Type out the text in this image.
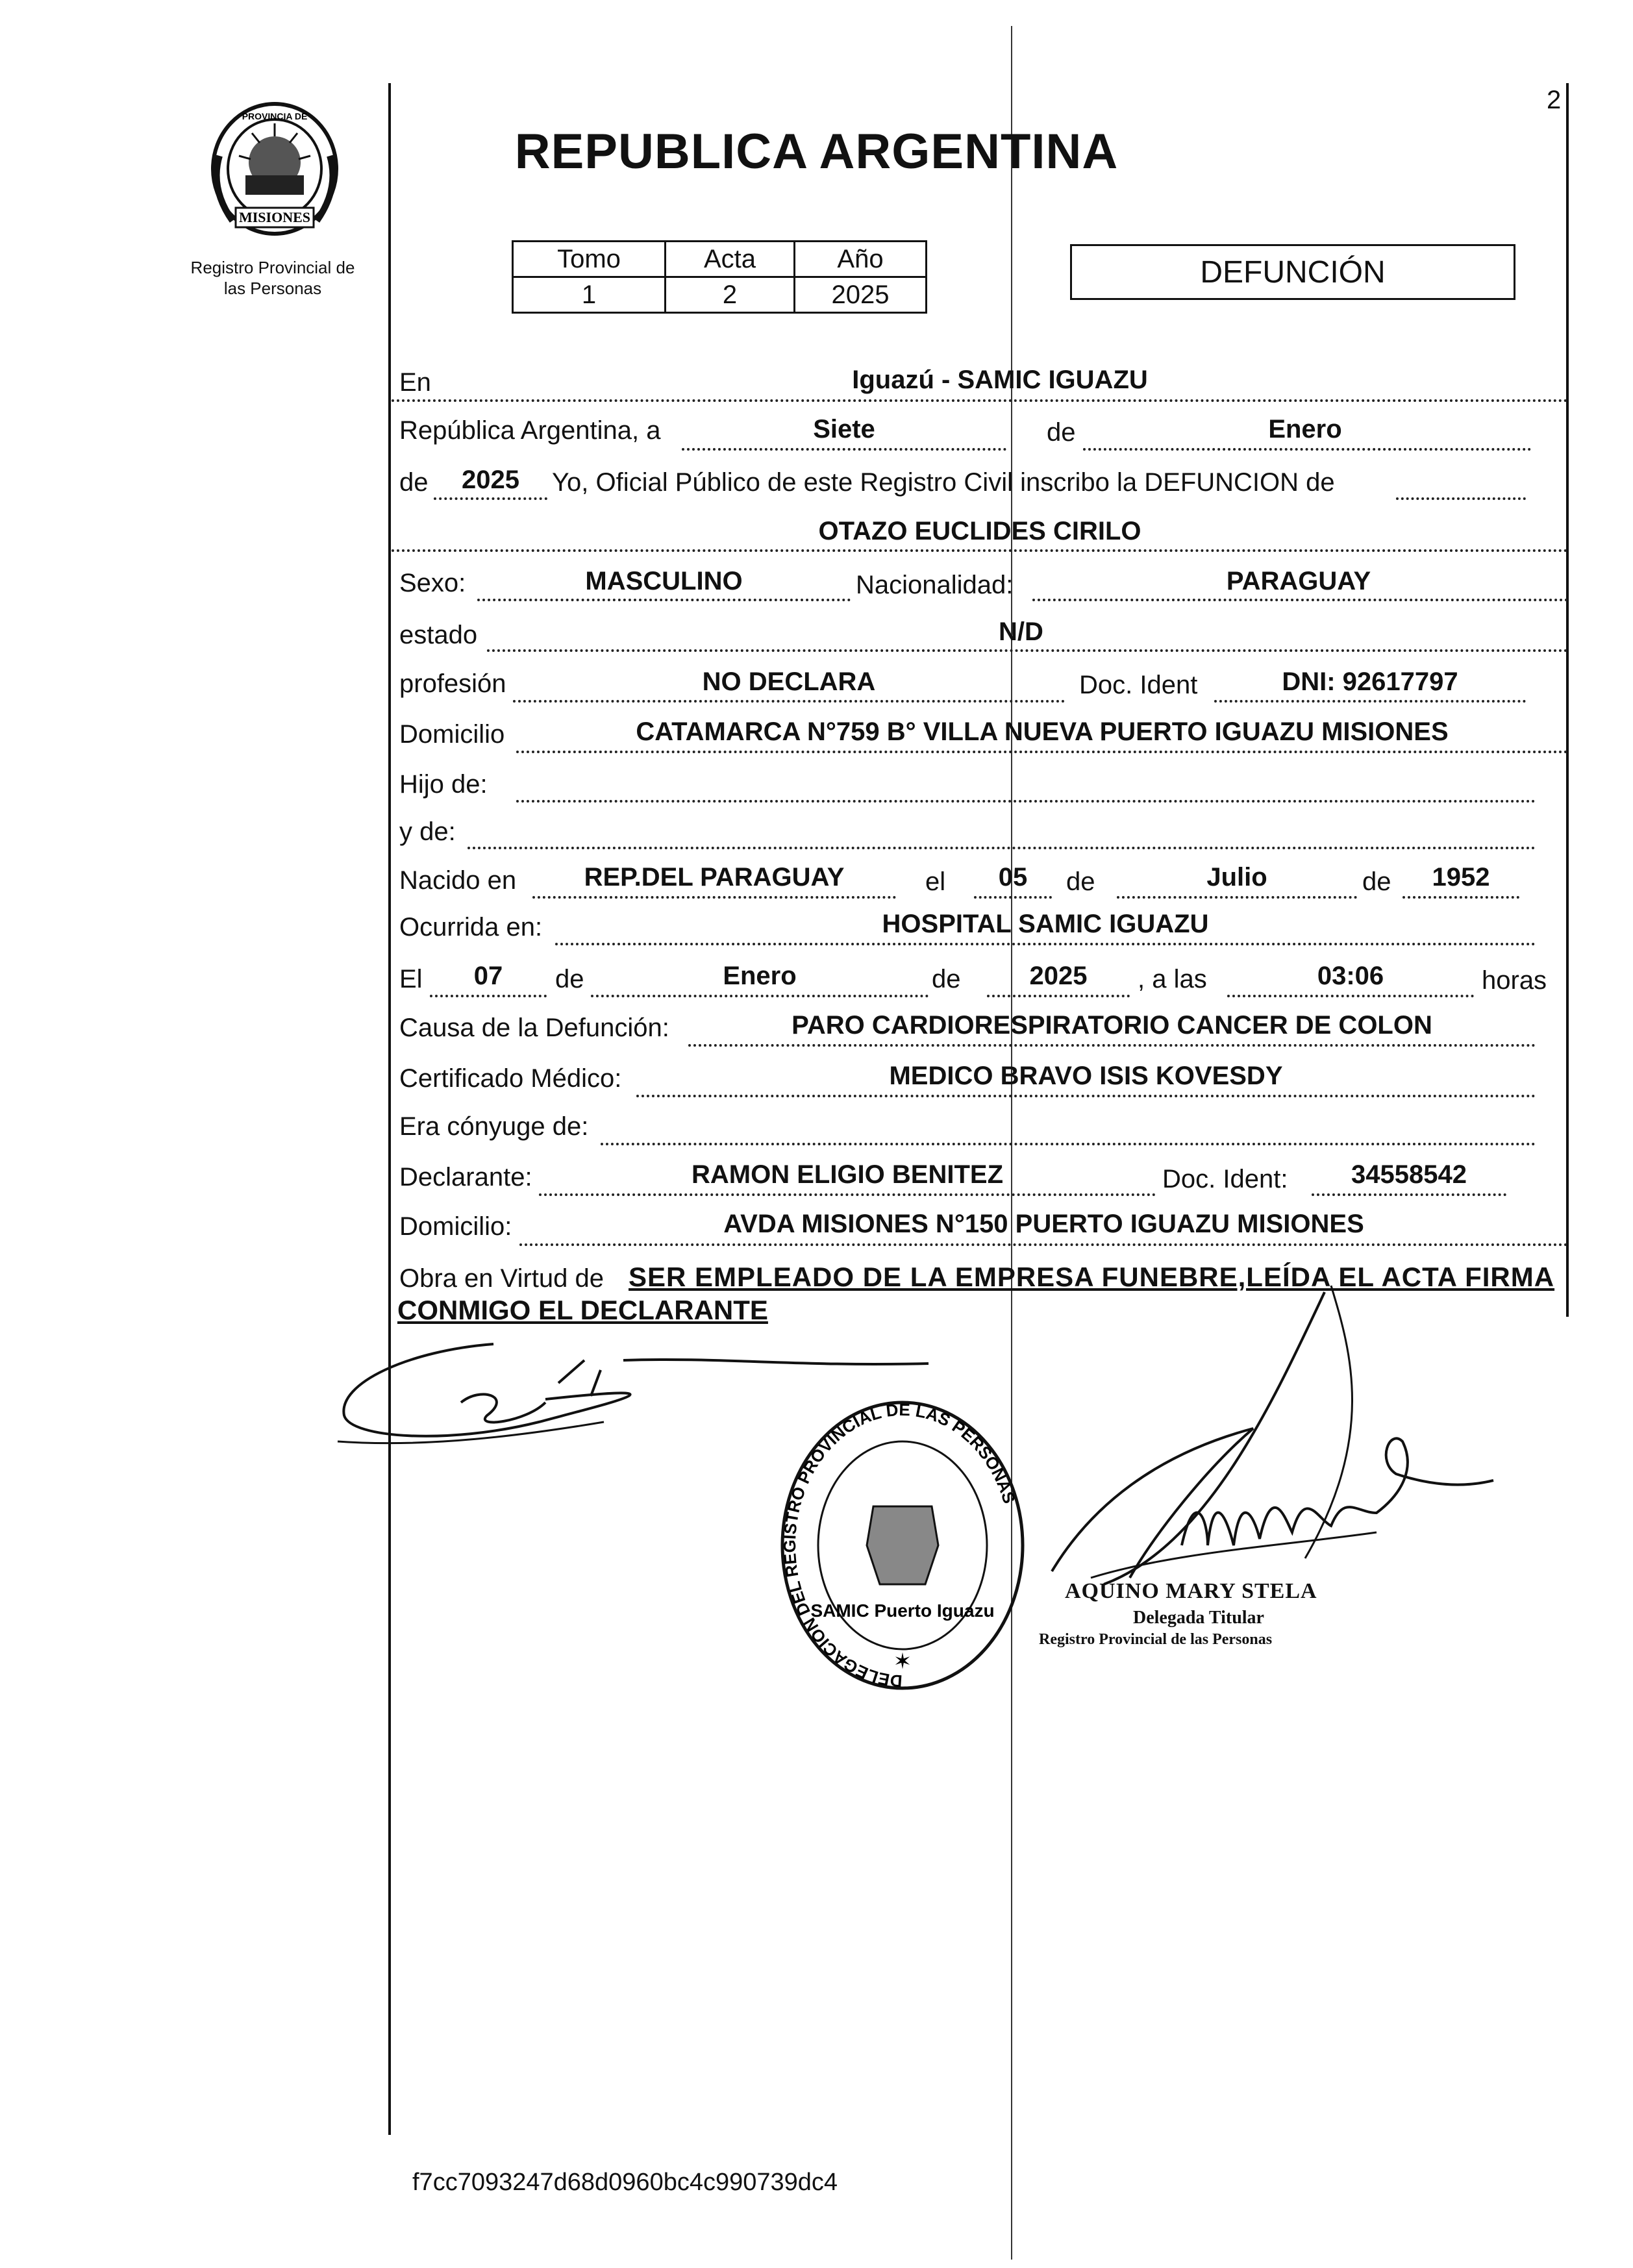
2
MISIONES
PROVINCIA DE
Registro Provincial de
las Personas
REPUBLICA ARGENTINA
Tomo	Acta	Año
1	2	2025
DEFUNCIÓN
En	Iguazú - SAMIC IGUAZU
República Argentina, a	Siete	de	Enero
de	2025	Yo, Oficial Público de este Registro Civil inscribo la DEFUNCION de
OTAZO EUCLIDES CIRILO
Sexo:	MASCULINO	Nacionalidad:	PARAGUAY
estado	N/D
profesión	NO DECLARA	Doc. Ident	DNI: 92617797
Domicilio	CATAMARCA N°759 B° VILLA NUEVA PUERTO IGUAZU MISIONES
Hijo de:
y de:
Nacido en	REP.DEL PARAGUAY	el	05	de	Julio	de	1952
Ocurrida en:	HOSPITAL SAMIC IGUAZU
El	07	de	Enero	de	2025	, a las	03:06	horas
Causa de la Defunción:	PARO CARDIORESPIRATORIO CANCER DE COLON
Certificado Médico:	MEDICO BRAVO ISIS KOVESDY
Era cónyuge de:
Declarante:	RAMON ELIGIO BENITEZ	Doc. Ident:	34558542
Domicilio:	AVDA MISIONES N°150 PUERTO IGUAZU MISIONES
Obra en Virtud de SER EMPLEADO DE LA EMPRESA FUNEBRE,LEÍDA EL ACTA FIRMA
CONMIGO EL DECLARANTE
DELEGACION DEL REGISTRO PROVINCIAL DE LAS PERSONAS
SAMIC Puerto Iguazu
✶
AQUINO MARY STELA
Delegada Titular
Registro Provincial de las Personas
f7cc7093247d68d0960bc4c990739dc4
